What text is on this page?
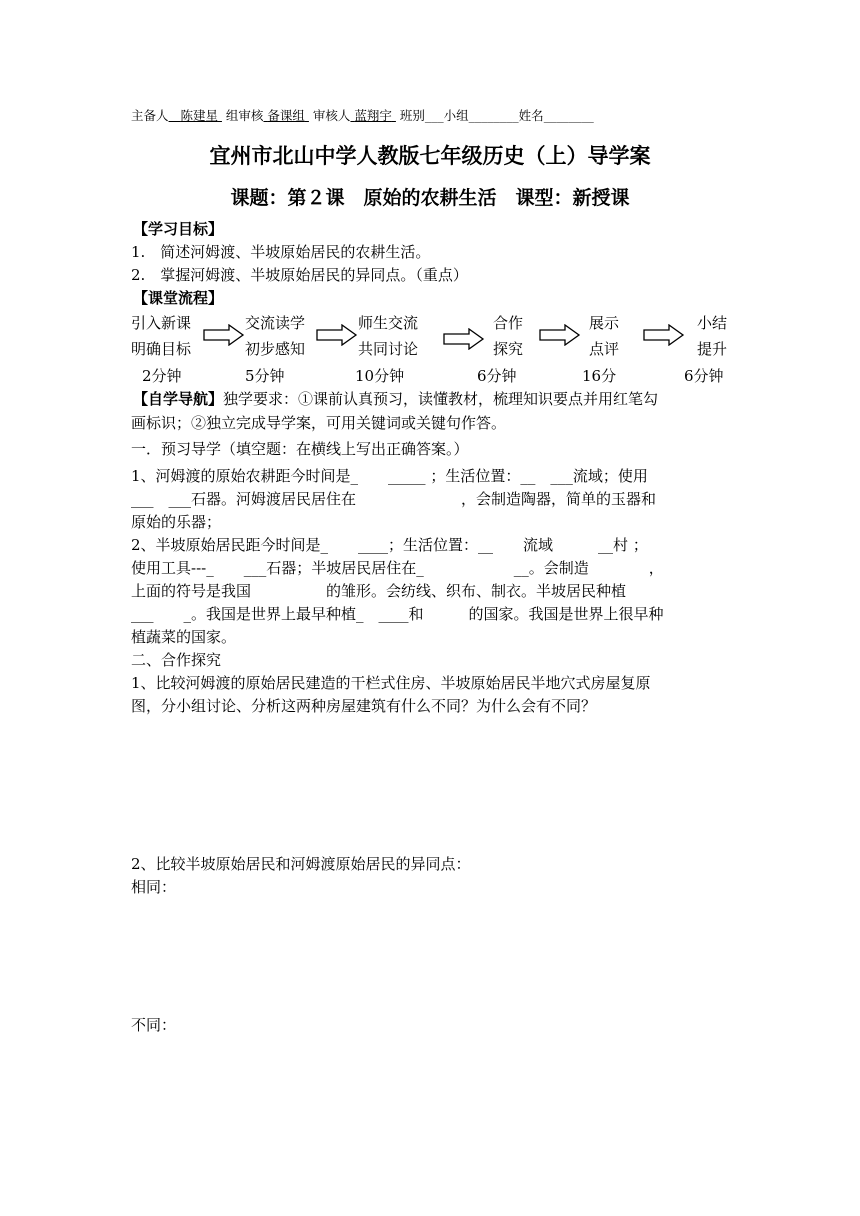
主备人 陈建星 组审核 备课组 审核人 蓝翔宇 班别___小组________姓名________
宜州市北山中学人教版七年级历史（上）导学案
课题：第２课　原始的农耕生活　课型：新授课
【学习目标】
1.　简述河姆渡、半坡原始居民的农耕生活。
2.　掌握河姆渡、半坡原始居民的异同点。（重点）
【课堂流程】
引入新课
明确目标
2分钟
交流读学
初步感知
5分钟
师生交流
共同讨论
10分钟
合作
探究
6分钟
展示
点评
16分
小结
提升
6分钟
【自学导航】独学要求：①课前认真预习，读懂教材，梳理知识要点并用红笔勾
画标识；②独立完成导学案，可用关键词或关键句作答。
一．预习导学（填空题：在横线上写出正确答案。）
1、河姆渡的原始农耕距今时间是_　　_____ ；生活位置：__　___流域；使用
___　___石器。河姆渡居民居住在　　　　　　　，会制造陶器，简单的玉器和
原始的乐器；
2、半坡原始居民距今时间是_　　____；生活位置：__　　流域　　　__村 ；
使用工具---_　　___石器；半坡居民居住在_　　　　　　__。会制造　　　　，
上面的符号是我国　　　　　的雏形。会纺线、织布、制衣。半坡居民种植
___　　_。我国是世界上最早种植_　____和　　　的国家。我国是世界上很早种
植蔬菜的国家。
二、合作探究
1、比较河姆渡的原始居民建造的干栏式住房、半坡原始居民半地穴式房屋复原
图，分小组讨论、分析这两种房屋建筑有什么不同？为什么会有不同？
2、比较半坡原始居民和河姆渡原始居民的异同点：
相同：
不同：
